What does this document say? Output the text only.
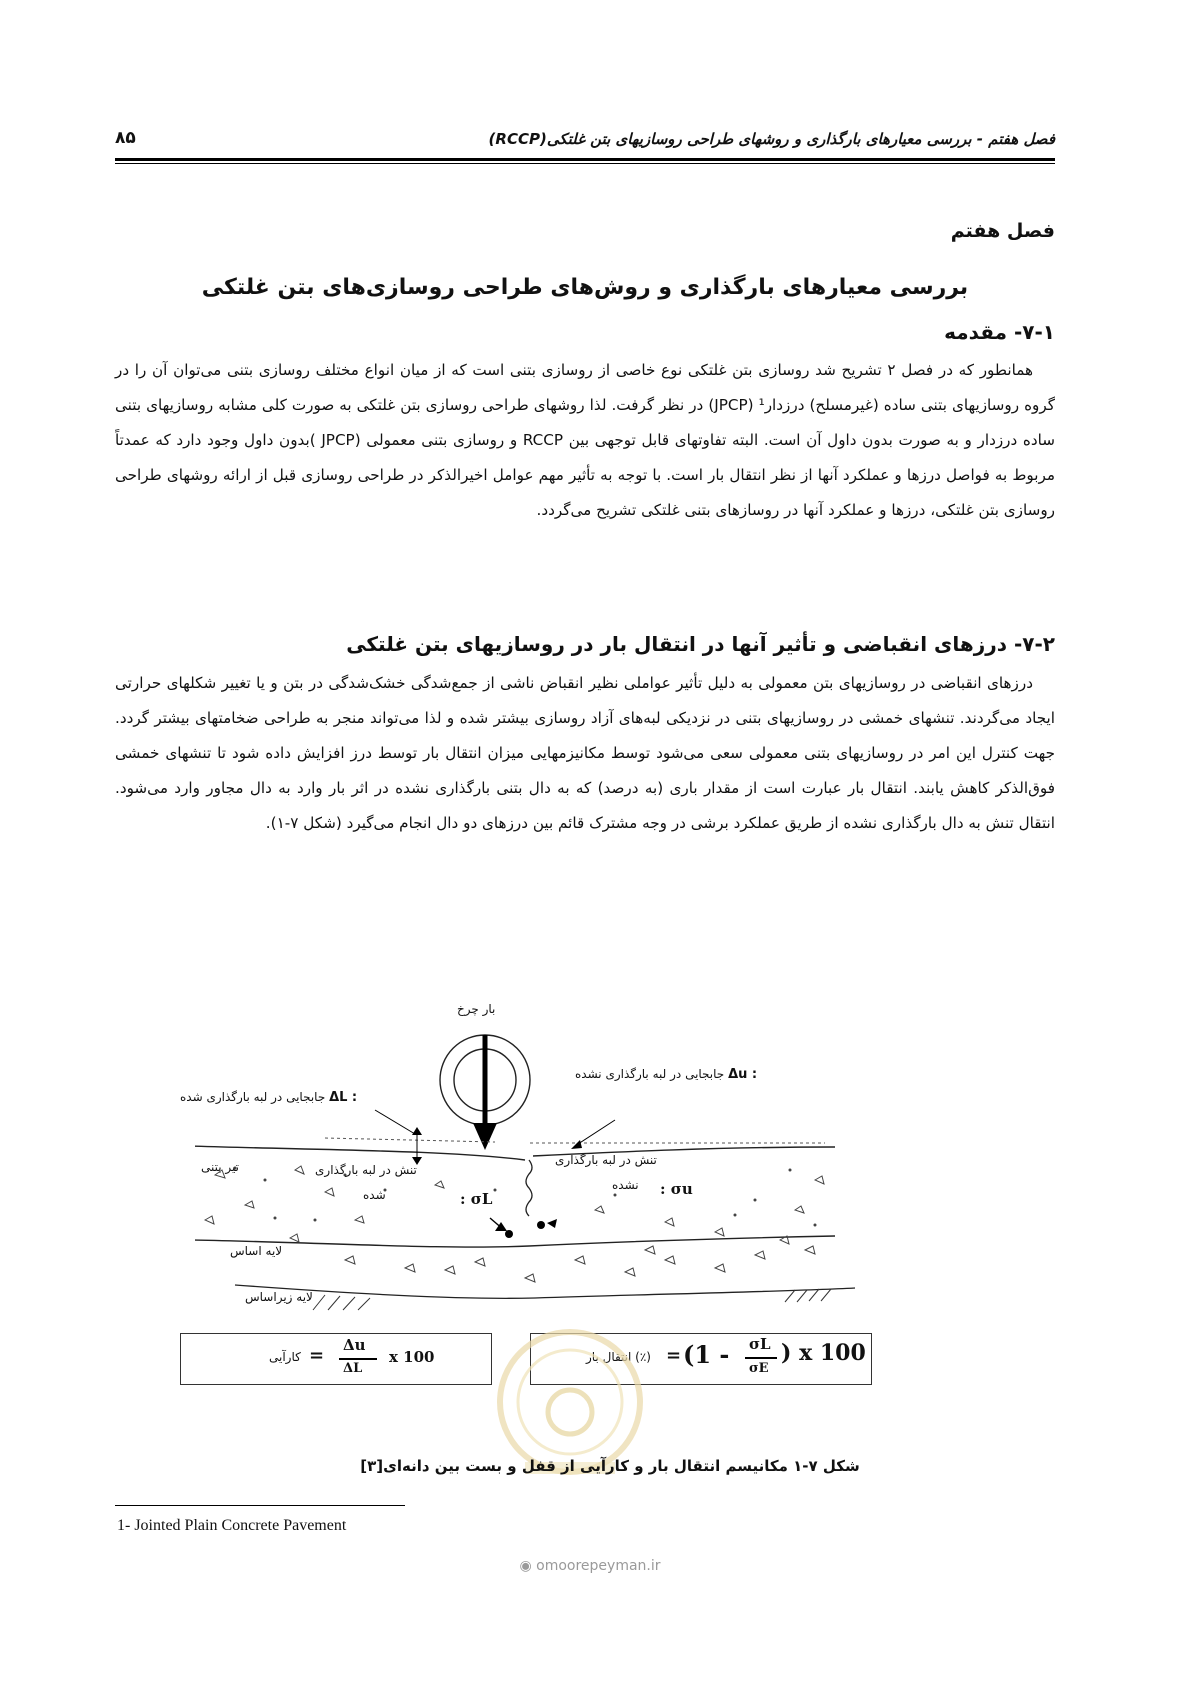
فصل هفتم - بررسی معیارهای بارگذاری و روشهای طراحی روسازیهای بتن غلتکی(RCCP)
۸۵
فصل هفتم
بررسی معیارهای بارگذاری و روش‌های طراحی روسازی‌های بتن غلتکی
۷-۱- مقدمه

همانطور که در فصل ۲ تشریح شد روسازی بتن غلتکی نوع خاصی از روسازی بتنی است که از میان انواع مختلف روسازی بتنی می‌توان آن را در گروه روسازیهای بتنی ساده (غیرمسلح) درزدار¹ (JPCP) در نظر گرفت. لذا روشهای طراحی روسازی بتن غلتکی به صورت کلی مشابه روسازیهای بتنی ساده درزدار و به صورت بدون داول آن است. البته تفاوتهای قابل توجهی بین RCCP و روسازی بتنی معمولی (JPCP )بدون داول وجود دارد که عمدتاً مربوط به فواصل درزها و عملکرد آنها از نظر انتقال بار است. با توجه به تأثیر مهم عوامل اخیرالذکر در طراحی روسازی قبل از ارائه روشهای طراحی روسازی بتن غلتکی، درزها و عملکرد آنها در روسازهای بتنی غلتکی تشریح می‌گردد.

۷-۲- درزهای انقباضی و تأثیر آنها در انتقال بار در روسازیهای بتن غلتکی

درزهای انقباضی در روسازیهای بتن معمولی به دلیل تأثیر عواملی نظیر انقباض ناشی از جمع‌شدگی خشک‌شدگی در بتن و یا تغییر شکلهای حرارتی ایجاد می‌گردند. تنشهای خمشی در روسازیهای بتنی در نزدیکی لبه‌های آزاد روسازی بیشتر شده و لذا می‌تواند منجر به طراحی ضخامتهای بیشتر گردد. جهت کنترل این امر در روسازیهای بتنی معمولی سعی می‌شود توسط مکانیزمهایی میزان انتقال بار توسط درز افزایش داده شود تا تنشهای خمشی فوق‌الذکر کاهش یابند. انتقال بار عبارت است از مقدار باری (به درصد) که به دال بتنی بارگذاری نشده در اثر بار وارد به دال مجاور وارد می‌شود. انتقال تنش به دال بارگذاری نشده از طریق عملکرد برشی در وجه مشترک قائم بین درزهای دو دال انجام می‌گیرد (شکل ۷-۱).

بار چرخ
Δu : جابجایی در لبه بارگذاری نشده
ΔL : جابجایی در لبه بارگذاری شده
تیر بتنی	تنش در لبه بارگذاری
شده	: σL
تنش در لبه بارگذاری
نشده : σu
لایه اساس
لایه زیراساس
کارآیی = Δu
ΔL
x 100	(٪) انتقال بار = (1 - σL
σE
) x 100
شکل ۷-۱ مکانیسم انتقال بار و کارآیی از قفل و بست بین دانه‌ای[۳]
1- Jointed Plain Concrete Pavement
◉ omoorepeyman.ir
